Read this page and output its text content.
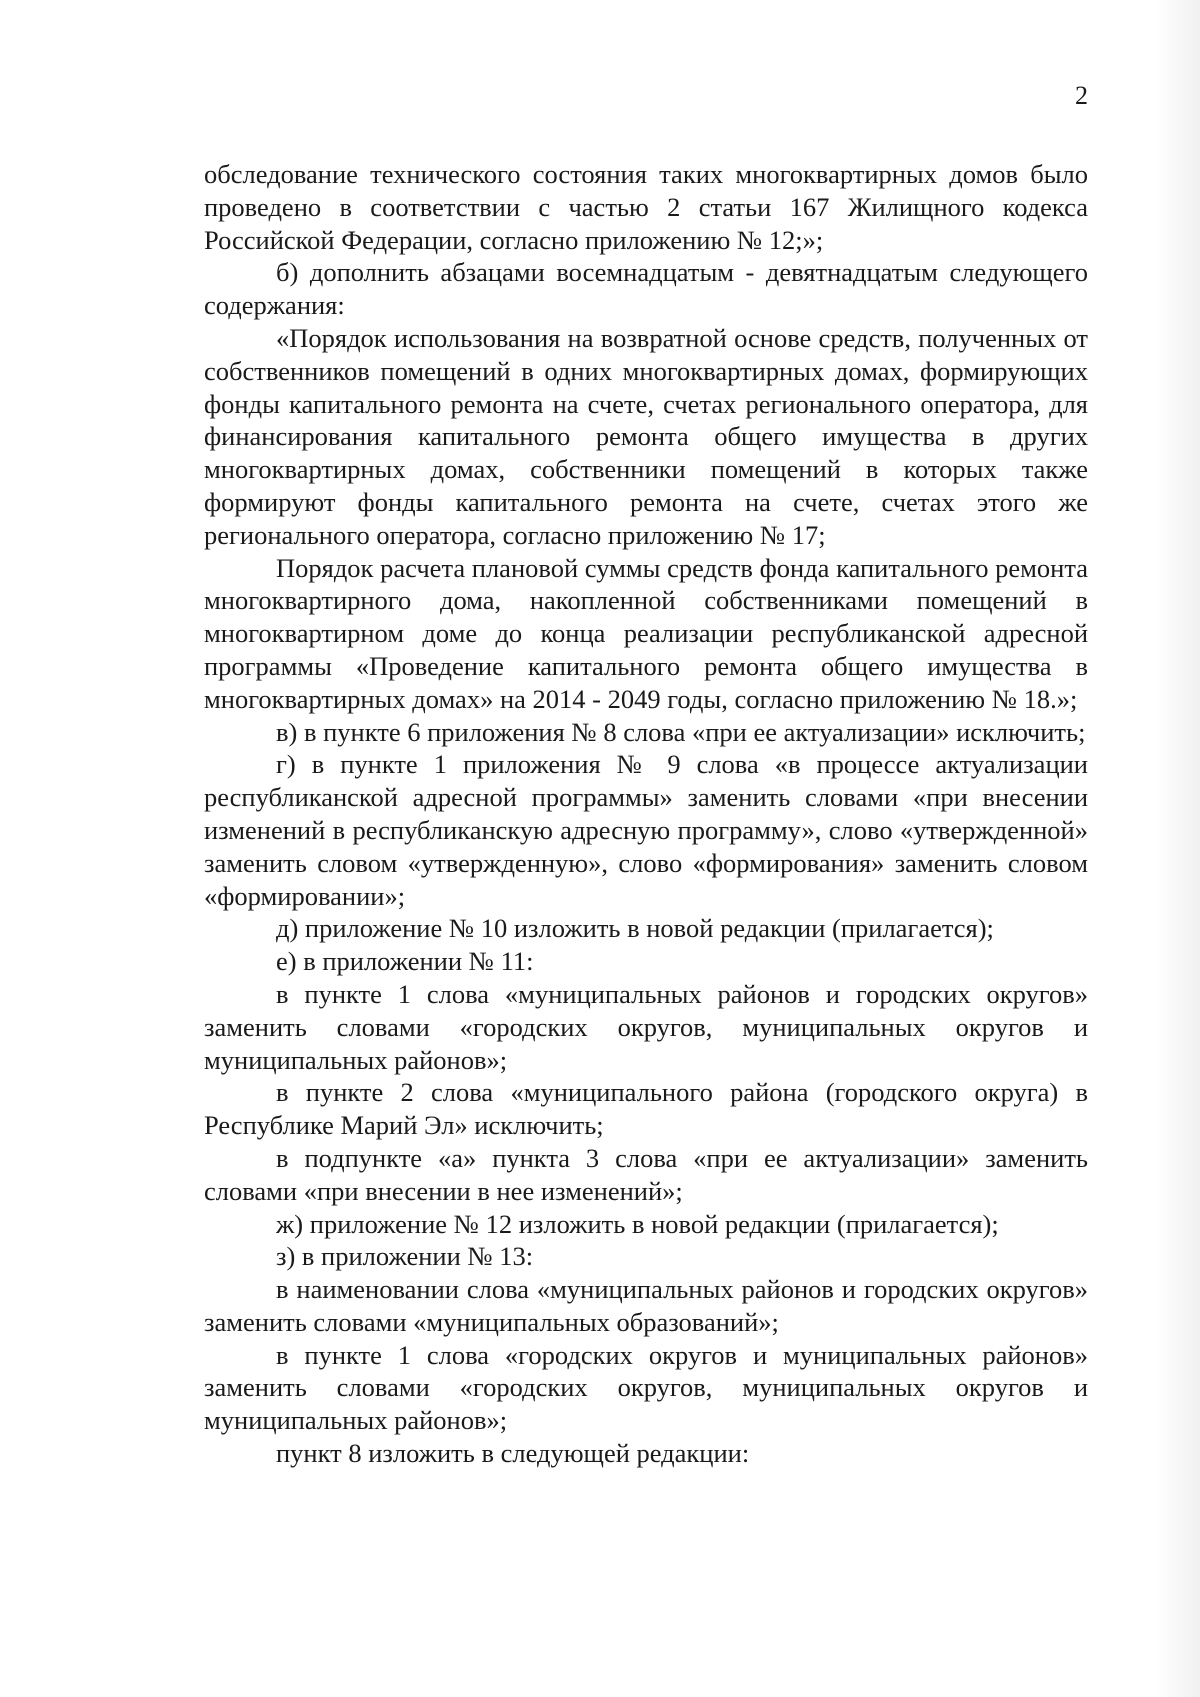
2

обследование технического состояния таких многоквартирных домов было проведено в соответствии с частью 2 статьи 167 Жилищного кодекса Российской Федерации, согласно приложению № 12;»;

б) дополнить абзацами восемнадцатым - девятнадцатым следующего содержания:

«Порядок использования на возвратной основе средств, полученных от собственников помещений в одних многоквартирных домах, формирующих фонды капитального ремонта на счете, счетах регионального оператора, для финансирования капитального ремонта общего имущества в других многоквартирных домах, собственники помещений в которых также формируют фонды капитального ремонта на счете, счетах этого же регионального оператора, согласно приложению № 17;

Порядок расчета плановой суммы средств фонда капитального ремонта многоквартирного дома, накопленной собственниками помещений в многоквартирном доме до конца реализации республиканской адресной программы «Проведение капитального ремонта общего имущества в многоквартирных домах» на 2014 - 2049 годы, согласно приложению № 18.»;

в) в пункте 6 приложения № 8 слова «при ее актуализации» исключить;

г) в пункте 1 приложения № 9 слова «в процессе актуализации республиканской адресной программы» заменить словами «при внесении изменений в республиканскую адресную программу», слово «утвержденной» заменить словом «утвержденную», слово «формирования» заменить словом «формировании»;

д) приложение № 10 изложить в новой редакции (прилагается);

е) в приложении № 11:

в пункте 1 слова «муниципальных районов и городских округов» заменить словами «городских округов, муниципальных округов и муниципальных районов»;

в пункте 2 слова «муниципального района (городского округа) в Республике Марий Эл» исключить;

в подпункте «а» пункта 3 слова «при ее актуализации» заменить словами «при внесении в нее изменений»;

ж) приложение № 12 изложить в новой редакции (прилагается);

з) в приложении № 13:

в наименовании слова «муниципальных районов и городских округов» заменить словами «муниципальных образований»;

в пункте 1 слова «городских округов и муниципальных районов» заменить словами «городских округов, муниципальных округов и муниципальных районов»;

пункт 8 изложить в следующей редакции:
